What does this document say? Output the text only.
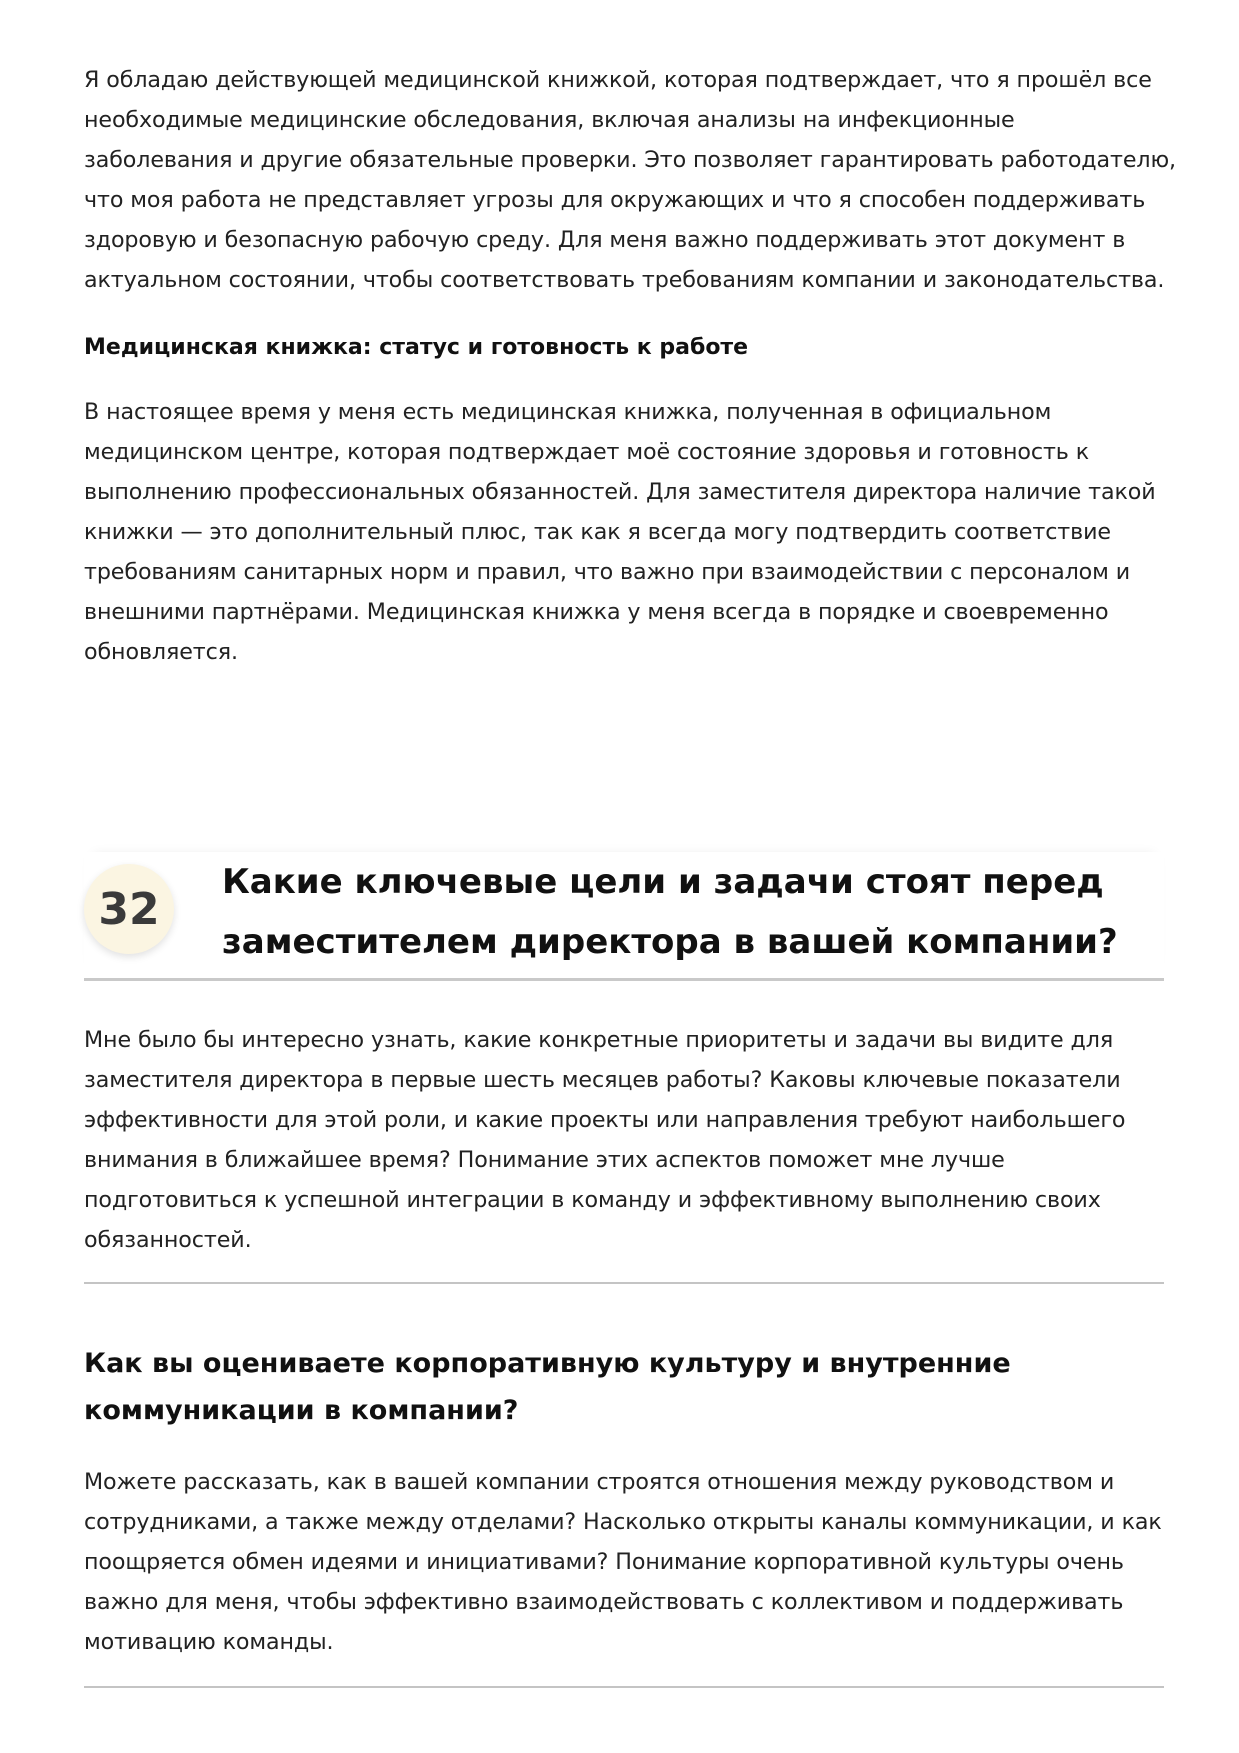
Я обладаю действующей медицинской книжкой, которая подтверждает, что я прошёл все
необходимые медицинские обследования, включая анализы на инфекционные
заболевания и другие обязательные проверки. Это позволяет гарантировать работодателю,
что моя работа не представляет угрозы для окружающих и что я способен поддерживать
здоровую и безопасную рабочую среду. Для меня важно поддерживать этот документ в
актуальном состоянии, чтобы соответствовать требованиям компании и законодательства.

Медицинская книжка: статус и готовность к работе

В настоящее время у меня есть медицинская книжка, полученная в официальном
медицинском центре, которая подтверждает моё состояние здоровья и готовность к
выполнению профессиональных обязанностей. Для заместителя директора наличие такой
книжки — это дополнительный плюс, так как я всегда могу подтвердить соответствие
требованиям санитарных норм и правил, что важно при взаимодействии с персоналом и
внешними партнёрами. Медицинская книжка у меня всегда в порядке и своевременно
обновляется.

32
Какие ключевые цели и задачи стоят перед
заместителем директора в вашей компании?

Мне было бы интересно узнать, какие конкретные приоритеты и задачи вы видите для
заместителя директора в первые шесть месяцев работы? Каковы ключевые показатели
эффективности для этой роли, и какие проекты или направления требуют наибольшего
внимания в ближайшее время? Понимание этих аспектов поможет мне лучше
подготовиться к успешной интеграции в команду и эффективному выполнению своих
обязанностей.

Как вы оцениваете корпоративную культуру и внутренние
коммуникации в компании?

Можете рассказать, как в вашей компании строятся отношения между руководством и
сотрудниками, а также между отделами? Насколько открыты каналы коммуникации, и как
поощряется обмен идеями и инициативами? Понимание корпоративной культуры очень
важно для меня, чтобы эффективно взаимодействовать с коллективом и поддерживать
мотивацию команды.
